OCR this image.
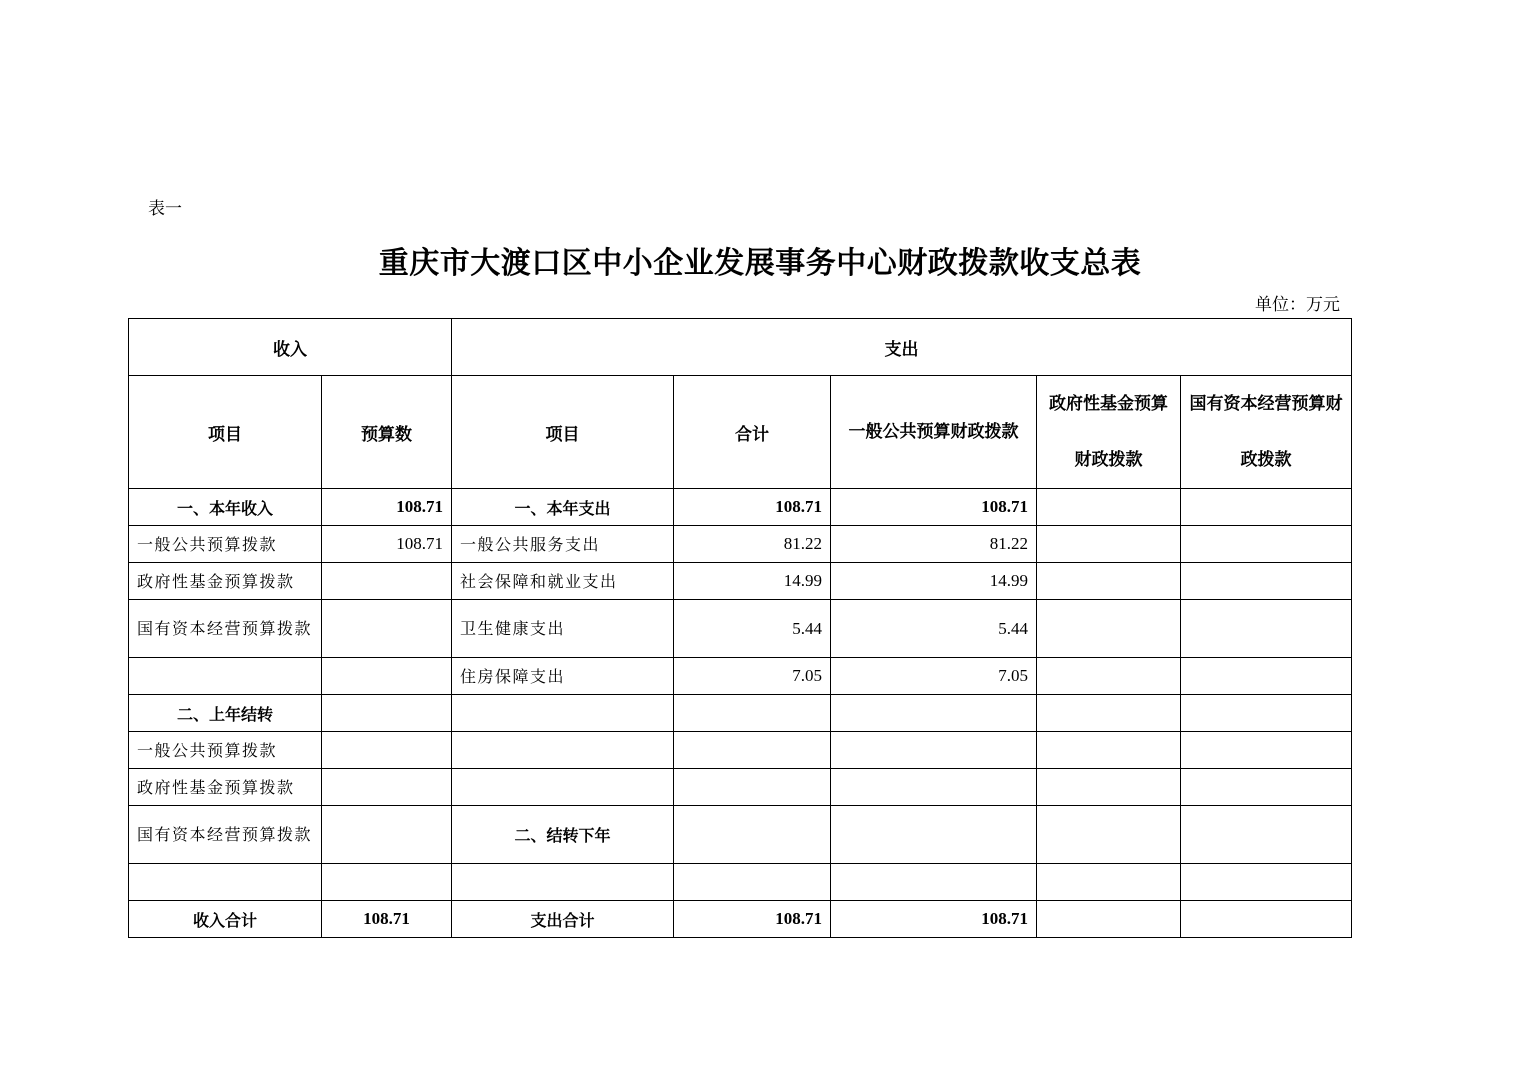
表一
重庆市大渡口区中小企业发展事务中心财政拨款收支总表
单位：万元
收入		支出				
项目	预算数	项目	合计	一般公共预算财政拨款	政府性基金预算财政拨款	国有资本经营预算财政拨款
一、本年收入	108.71	一、本年支出	108.71	108.71		
一般公共预算拨款	108.71	一般公共服务支出	81.22	81.22		
政府性基金预算拨款		社会保障和就业支出	14.99	14.99		
国有资本经营预算拨款		卫生健康支出	5.44	5.44		
		住房保障支出	7.05	7.05		
二、上年结转						
一般公共预算拨款						
政府性基金预算拨款						
国有资本经营预算拨款		二、结转下年				

收入合计	108.71	支出合计	108.71	108.71		
